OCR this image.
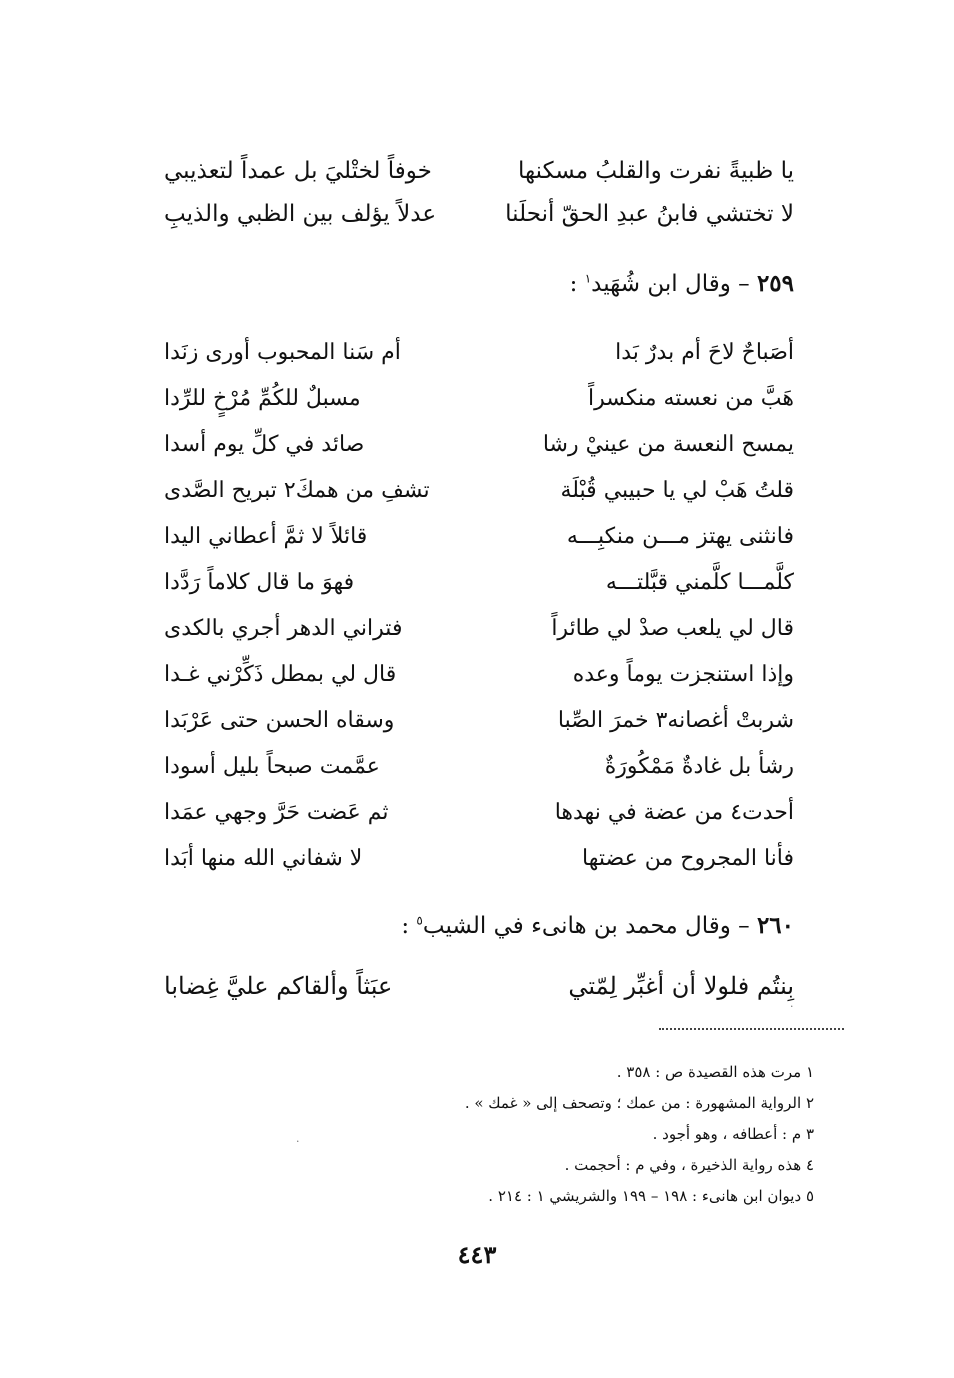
يا ظبيةً نفرت والقلبُ مسكنها
خوفاً لختْليَ بل عمداً لتعذيبي
لا تختشي فابنُ عبدِ الحقّ أنحلَنا
عدلاً يؤلف بين الظبي والذيبِ
٢٥٩ – وقال ابن شُهَيد$^١$ :
أصَباحٌ لاحَ أم بدرٌ بَدا
أم سَنا المحبوب أورى زنَدا
هَبَّ من نعسته منكسراً
مسبلٌ للكُمِّ مُرْخٍ للرِّدا
يمسح النعسة من عينيْ رشا
صائد في كلِّ يوم أسدا
قلتُ هَبْ لي يا حبيبي قُبْلَة
تشفِ من همكَ٢ تبريح الصَّدى
فانثنى يهتز مـــن منكبِـــه
قائلاً لا ثمَّ أعطاني اليدا
كلَّمـــا كلَّمني قبَّلتـــه
فهوَ ما قال كلاماً رَدَّدا
قال لي يلعب صدْ لي طائراً
فتراني الدهر أجري بالكدى
وإذا استنجزت يوماً وعده
قال لي بمطل ذَكِّرْني غـدا
شربتْ أغصانه٣ خمرَ الصِّبا
وسقاه الحسن حتى عَرْبَدا
رشأ بل غادةٌ مَمْكُورَةٌ
عمَّمت صبحاً بليل أسودا
أحدت٤ من عضة في نهدها
ثم عَضت حَرَّ وجهي عمَدا
فأنا المجروح من عضتها
لا شفاني الله منها أبَدا
٢٦٠ – وقال محمد بن هانىء في الشيب$^٥$ :
بِنتُم فلولا أن أغبِّر لِمّتي
عبَثاً وألقاكم عليَّ غِضابا
١ مرت هذه القصيدة ص : ٣٥٨ .
٢ الرواية المشهورة : من عمك ؛ وتصحف إلى « غمك » .
٣ م : أعطافه ، وهو أجود .
٤ هذه رواية الذخيرة ، وفي م : أحجمت .
٥ ديوان ابن هانىء : ١٩٨ – ١٩٩ والشريشي ١ : ٢١٤ .
٤٤٣
·
·
